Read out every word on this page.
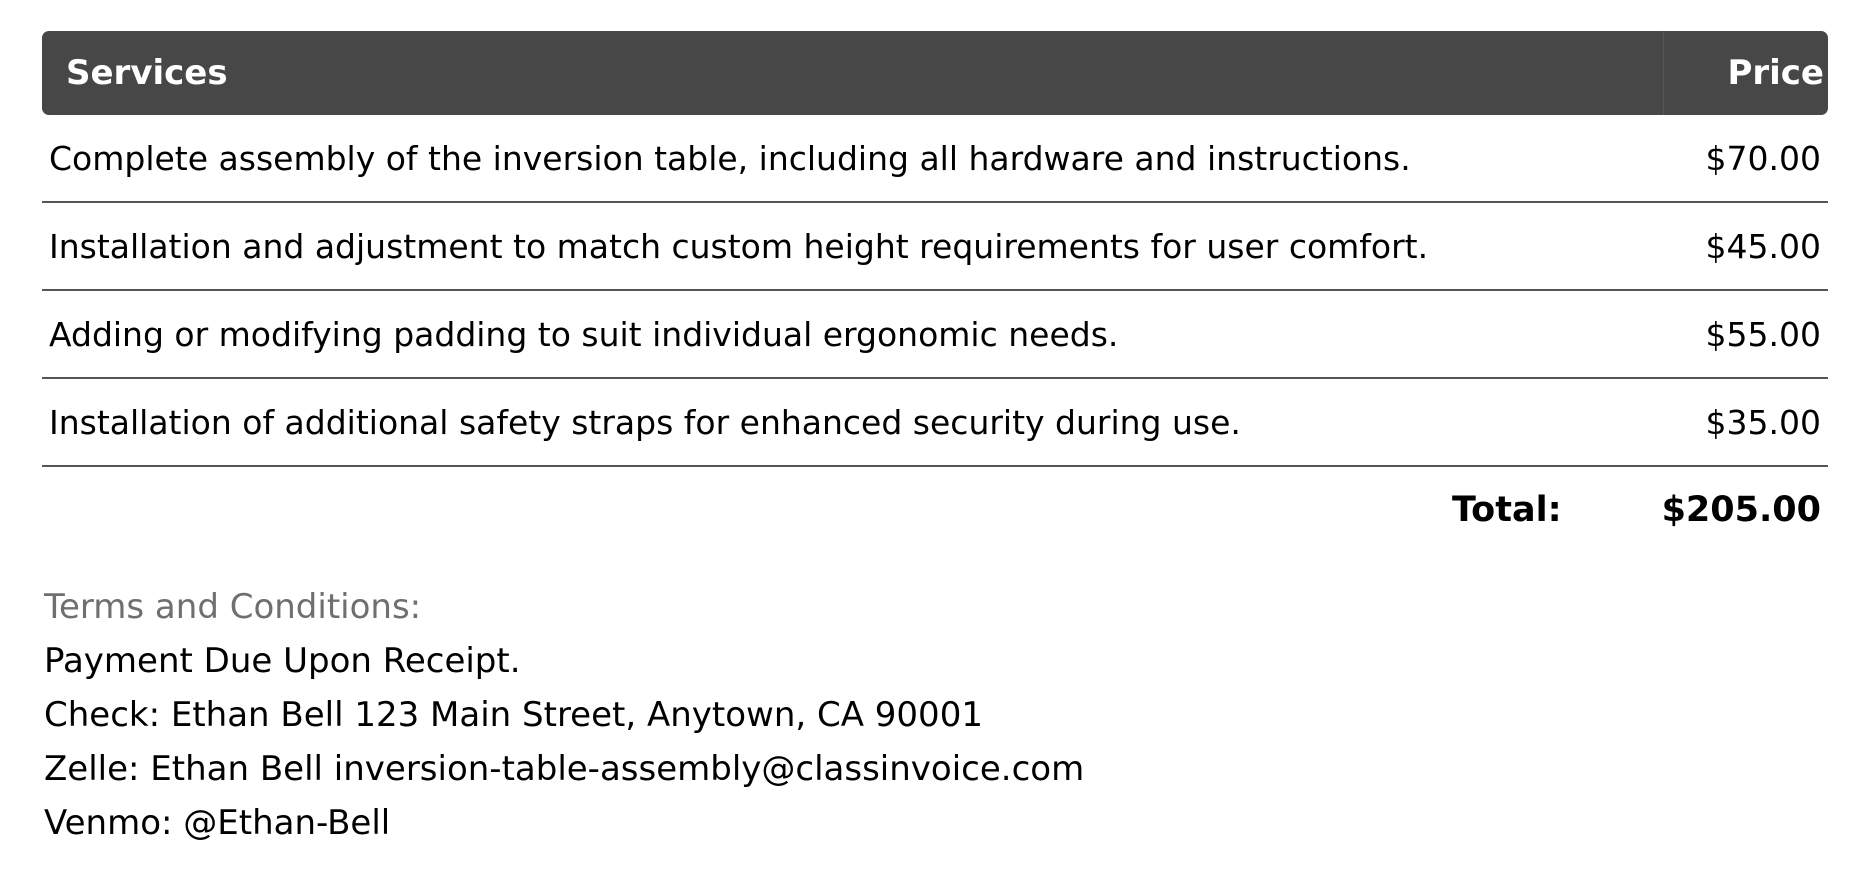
Services	Price
Complete assembly of the inversion table, including all hardware and instructions.	$70.00
Installation and adjustment to match custom height requirements for user comfort.	$45.00
Adding or modifying padding to suit individual ergonomic needs.	$55.00
Installation of additional safety straps for enhanced security during use.	$35.00
Total:	$205.00
Terms and Conditions:
Payment Due Upon Receipt.
Check: Ethan Bell 123 Main Street, Anytown, CA 90001
Zelle: Ethan Bell inversion-table-assembly@classinvoice.com
Venmo: @Ethan-Bell
